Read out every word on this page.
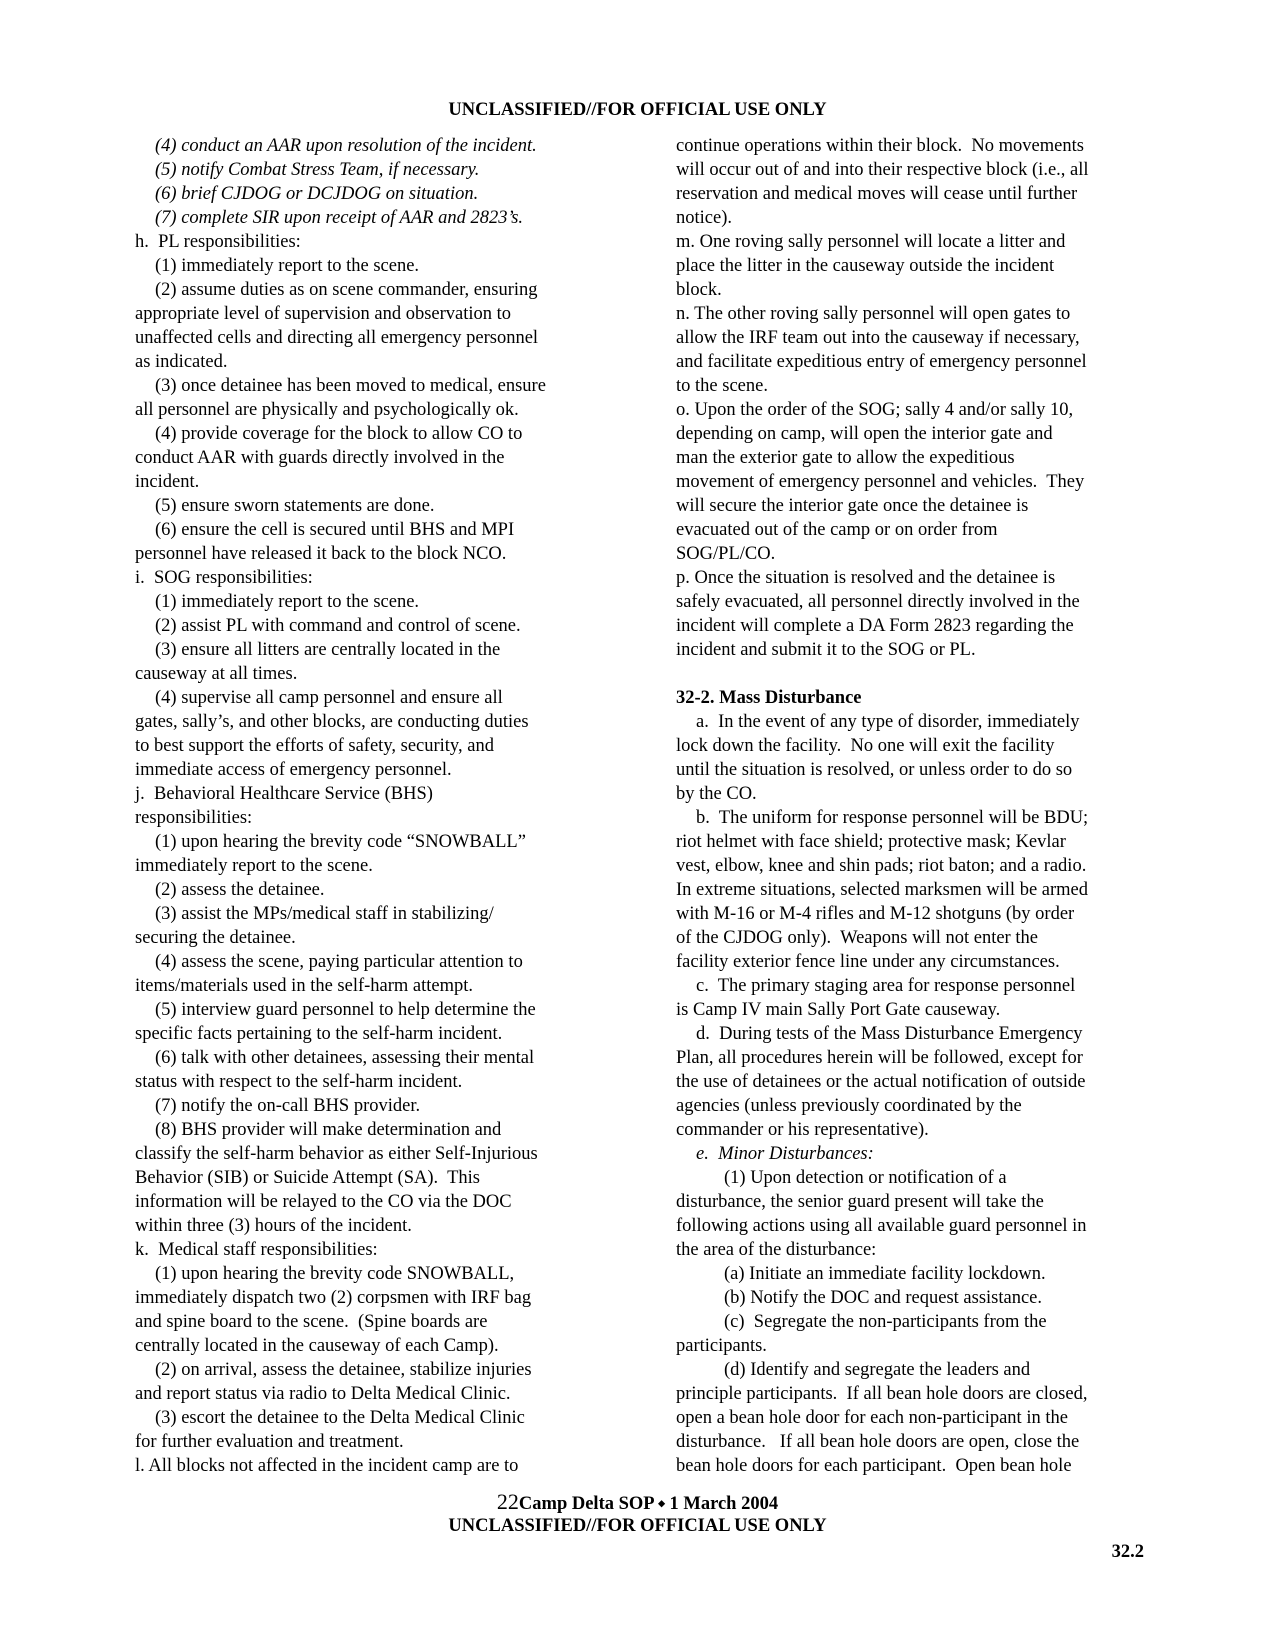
UNCLASSIFIED//FOR OFFICIAL USE ONLY
(4) conduct an AAR upon resolution of the incident.
(5) notify Combat Stress Team, if necessary.
(6) brief CJDOG or DCJDOG on situation.
(7) complete SIR upon receipt of AAR and 2823’s.
h.  PL responsibilities:
(1) immediately report to the scene.
(2) assume duties as on scene commander, ensuring
appropriate level of supervision and observation to
unaffected cells and directing all emergency personnel
as indicated.
(3) once detainee has been moved to medical, ensure
all personnel are physically and psychologically ok.
(4) provide coverage for the block to allow CO to
conduct AAR with guards directly involved in the
incident.
(5) ensure sworn statements are done.
(6) ensure the cell is secured until BHS and MPI
personnel have released it back to the block NCO.
i.  SOG responsibilities:
(1) immediately report to the scene.
(2) assist PL with command and control of scene.
(3) ensure all litters are centrally located in the
causeway at all times.
(4) supervise all camp personnel and ensure all
gates, sally’s, and other blocks, are conducting duties
to best support the efforts of safety, security, and
immediate access of emergency personnel.
j.  Behavioral Healthcare Service (BHS)
responsibilities:
(1) upon hearing the brevity code “SNOWBALL”
immediately report to the scene.
(2) assess the detainee.
(3) assist the MPs/medical staff in stabilizing/
securing the detainee.
(4) assess the scene, paying particular attention to
items/materials used in the self-harm attempt.
(5) interview guard personnel to help determine the
specific facts pertaining to the self-harm incident.
(6) talk with other detainees, assessing their mental
status with respect to the self-harm incident.
(7) notify the on-call BHS provider.
(8) BHS provider will make determination and
classify the self-harm behavior as either Self-Injurious
Behavior (SIB) or Suicide Attempt (SA).  This
information will be relayed to the CO via the DOC
within three (3) hours of the incident.
k.  Medical staff responsibilities:
(1) upon hearing the brevity code SNOWBALL,
immediately dispatch two (2) corpsmen with IRF bag
and spine board to the scene.  (Spine boards are
centrally located in the causeway of each Camp).
(2) on arrival, assess the detainee, stabilize injuries
and report status via radio to Delta Medical Clinic.
(3) escort the detainee to the Delta Medical Clinic
for further evaluation and treatment.
l. All blocks not affected in the incident camp are to
continue operations within their block.  No movements
will occur out of and into their respective block (i.e., all
reservation and medical moves will cease until further
notice).
m. One roving sally personnel will locate a litter and
place the litter in the causeway outside the incident
block.
n. The other roving sally personnel will open gates to
allow the IRF team out into the causeway if necessary,
and facilitate expeditious entry of emergency personnel
to the scene.
o. Upon the order of the SOG; sally 4 and/or sally 10,
depending on camp, will open the interior gate and
man the exterior gate to allow the expeditious
movement of emergency personnel and vehicles.  They
will secure the interior gate once the detainee is
evacuated out of the camp or on order from
SOG/PL/CO.
p. Once the situation is resolved and the detainee is
safely evacuated, all personnel directly involved in the
incident will complete a DA Form 2823 regarding the
incident and submit it to the SOG or PL.
32-2. Mass Disturbance
a.  In the event of any type of disorder, immediately
lock down the facility.  No one will exit the facility
until the situation is resolved, or unless order to do so
by the CO.
b.  The uniform for response personnel will be BDU;
riot helmet with face shield; protective mask; Kevlar
vest, elbow, knee and shin pads; riot baton; and a radio.
In extreme situations, selected marksmen will be armed
with M-16 or M-4 rifles and M-12 shotguns (by order
of the CJDOG only).  Weapons will not enter the
facility exterior fence line under any circumstances.
c.  The primary staging area for response personnel
is Camp IV main Sally Port Gate causeway.
d.  During tests of the Mass Disturbance Emergency
Plan, all procedures herein will be followed, except for
the use of detainees or the actual notification of outside
agencies (unless previously coordinated by the
commander or his representative).
e.  Minor Disturbances:
(1) Upon detection or notification of a
disturbance, the senior guard present will take the
following actions using all available guard personnel in
the area of the disturbance:
(a) Initiate an immediate facility lockdown.
(b) Notify the DOC and request assistance.
(c)  Segregate the non-participants from the
participants.
(d) Identify and segregate the leaders and
principle participants.  If all bean hole doors are closed,
open a bean hole door for each non-participant in the
disturbance.   If all bean hole doors are open, close the
bean hole doors for each participant.  Open bean hole
22Camp Delta SOP ⬩ 1 March 2004
UNCLASSIFIED//FOR OFFICIAL USE ONLY
32.2
